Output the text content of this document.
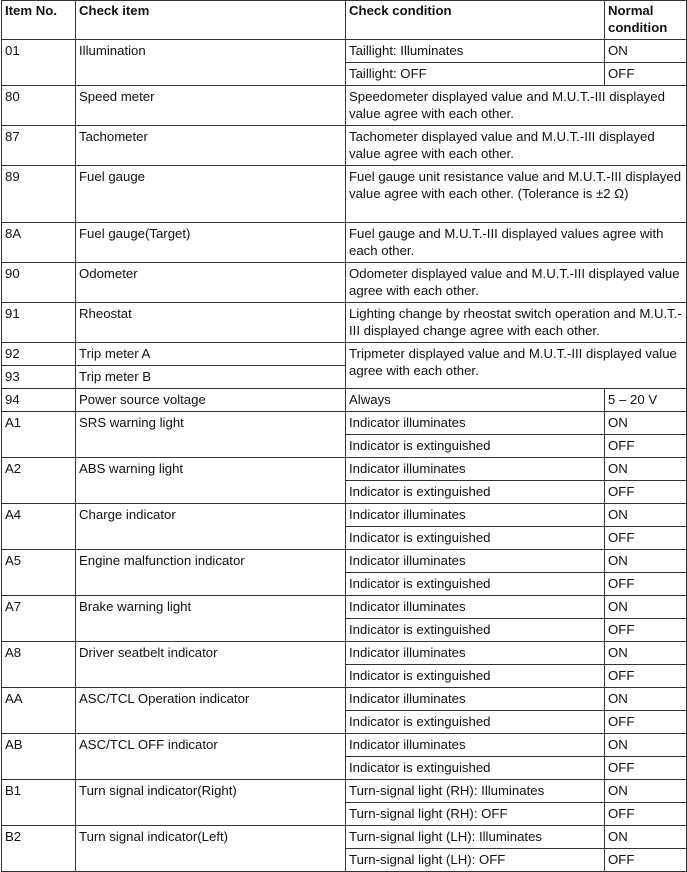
Item No.	Check item	Check condition	Normal condition
01	Illumination	Taillight: Illuminates	ON
		Taillight: OFF	OFF
80	Speed meter	Speedometer displayed value and M.U.T.-III displayed value agree with each other.	
87	Tachometer	Tachometer displayed value and M.U.T.-III displayed value agree with each other.	
89	Fuel gauge	Fuel gauge unit resistance value and M.U.T.-III displayed value agree with each other. (Tolerance is ±2 Ω)	
8A	Fuel gauge(Target)	Fuel gauge and M.U.T.-III displayed values agree with each other.	
90	Odometer	Odometer displayed value and M.U.T.-III displayed value agree with each other.	
91	Rheostat	Lighting change by rheostat switch operation and M.U.T.-III displayed change agree with each other.	
92	Trip meter A	Tripmeter displayed value and M.U.T.-III displayed value agree with each other.	
93	Trip meter B		
94	Power source voltage	Always	5 – 20 V
A1	SRS warning light	Indicator illuminates	ON
		Indicator is extinguished	OFF
A2	ABS warning light	Indicator illuminates	ON
		Indicator is extinguished	OFF
A4	Charge indicator	Indicator illuminates	ON
		Indicator is extinguished	OFF
A5	Engine malfunction indicator	Indicator illuminates	ON
		Indicator is extinguished	OFF
A7	Brake warning light	Indicator illuminates	ON
		Indicator is extinguished	OFF
A8	Driver seatbelt indicator	Indicator illuminates	ON
		Indicator is extinguished	OFF
AA	ASC/TCL Operation indicator	Indicator illuminates	ON
		Indicator is extinguished	OFF
AB	ASC/TCL OFF indicator	Indicator illuminates	ON
		Indicator is extinguished	OFF
B1	Turn signal indicator(Right)	Turn-signal light (RH): Illuminates	ON
		Turn-signal light (RH): OFF	OFF
B2	Turn signal indicator(Left)	Turn-signal light (LH): Illuminates	ON
		Turn-signal light (LH): OFF	OFF
